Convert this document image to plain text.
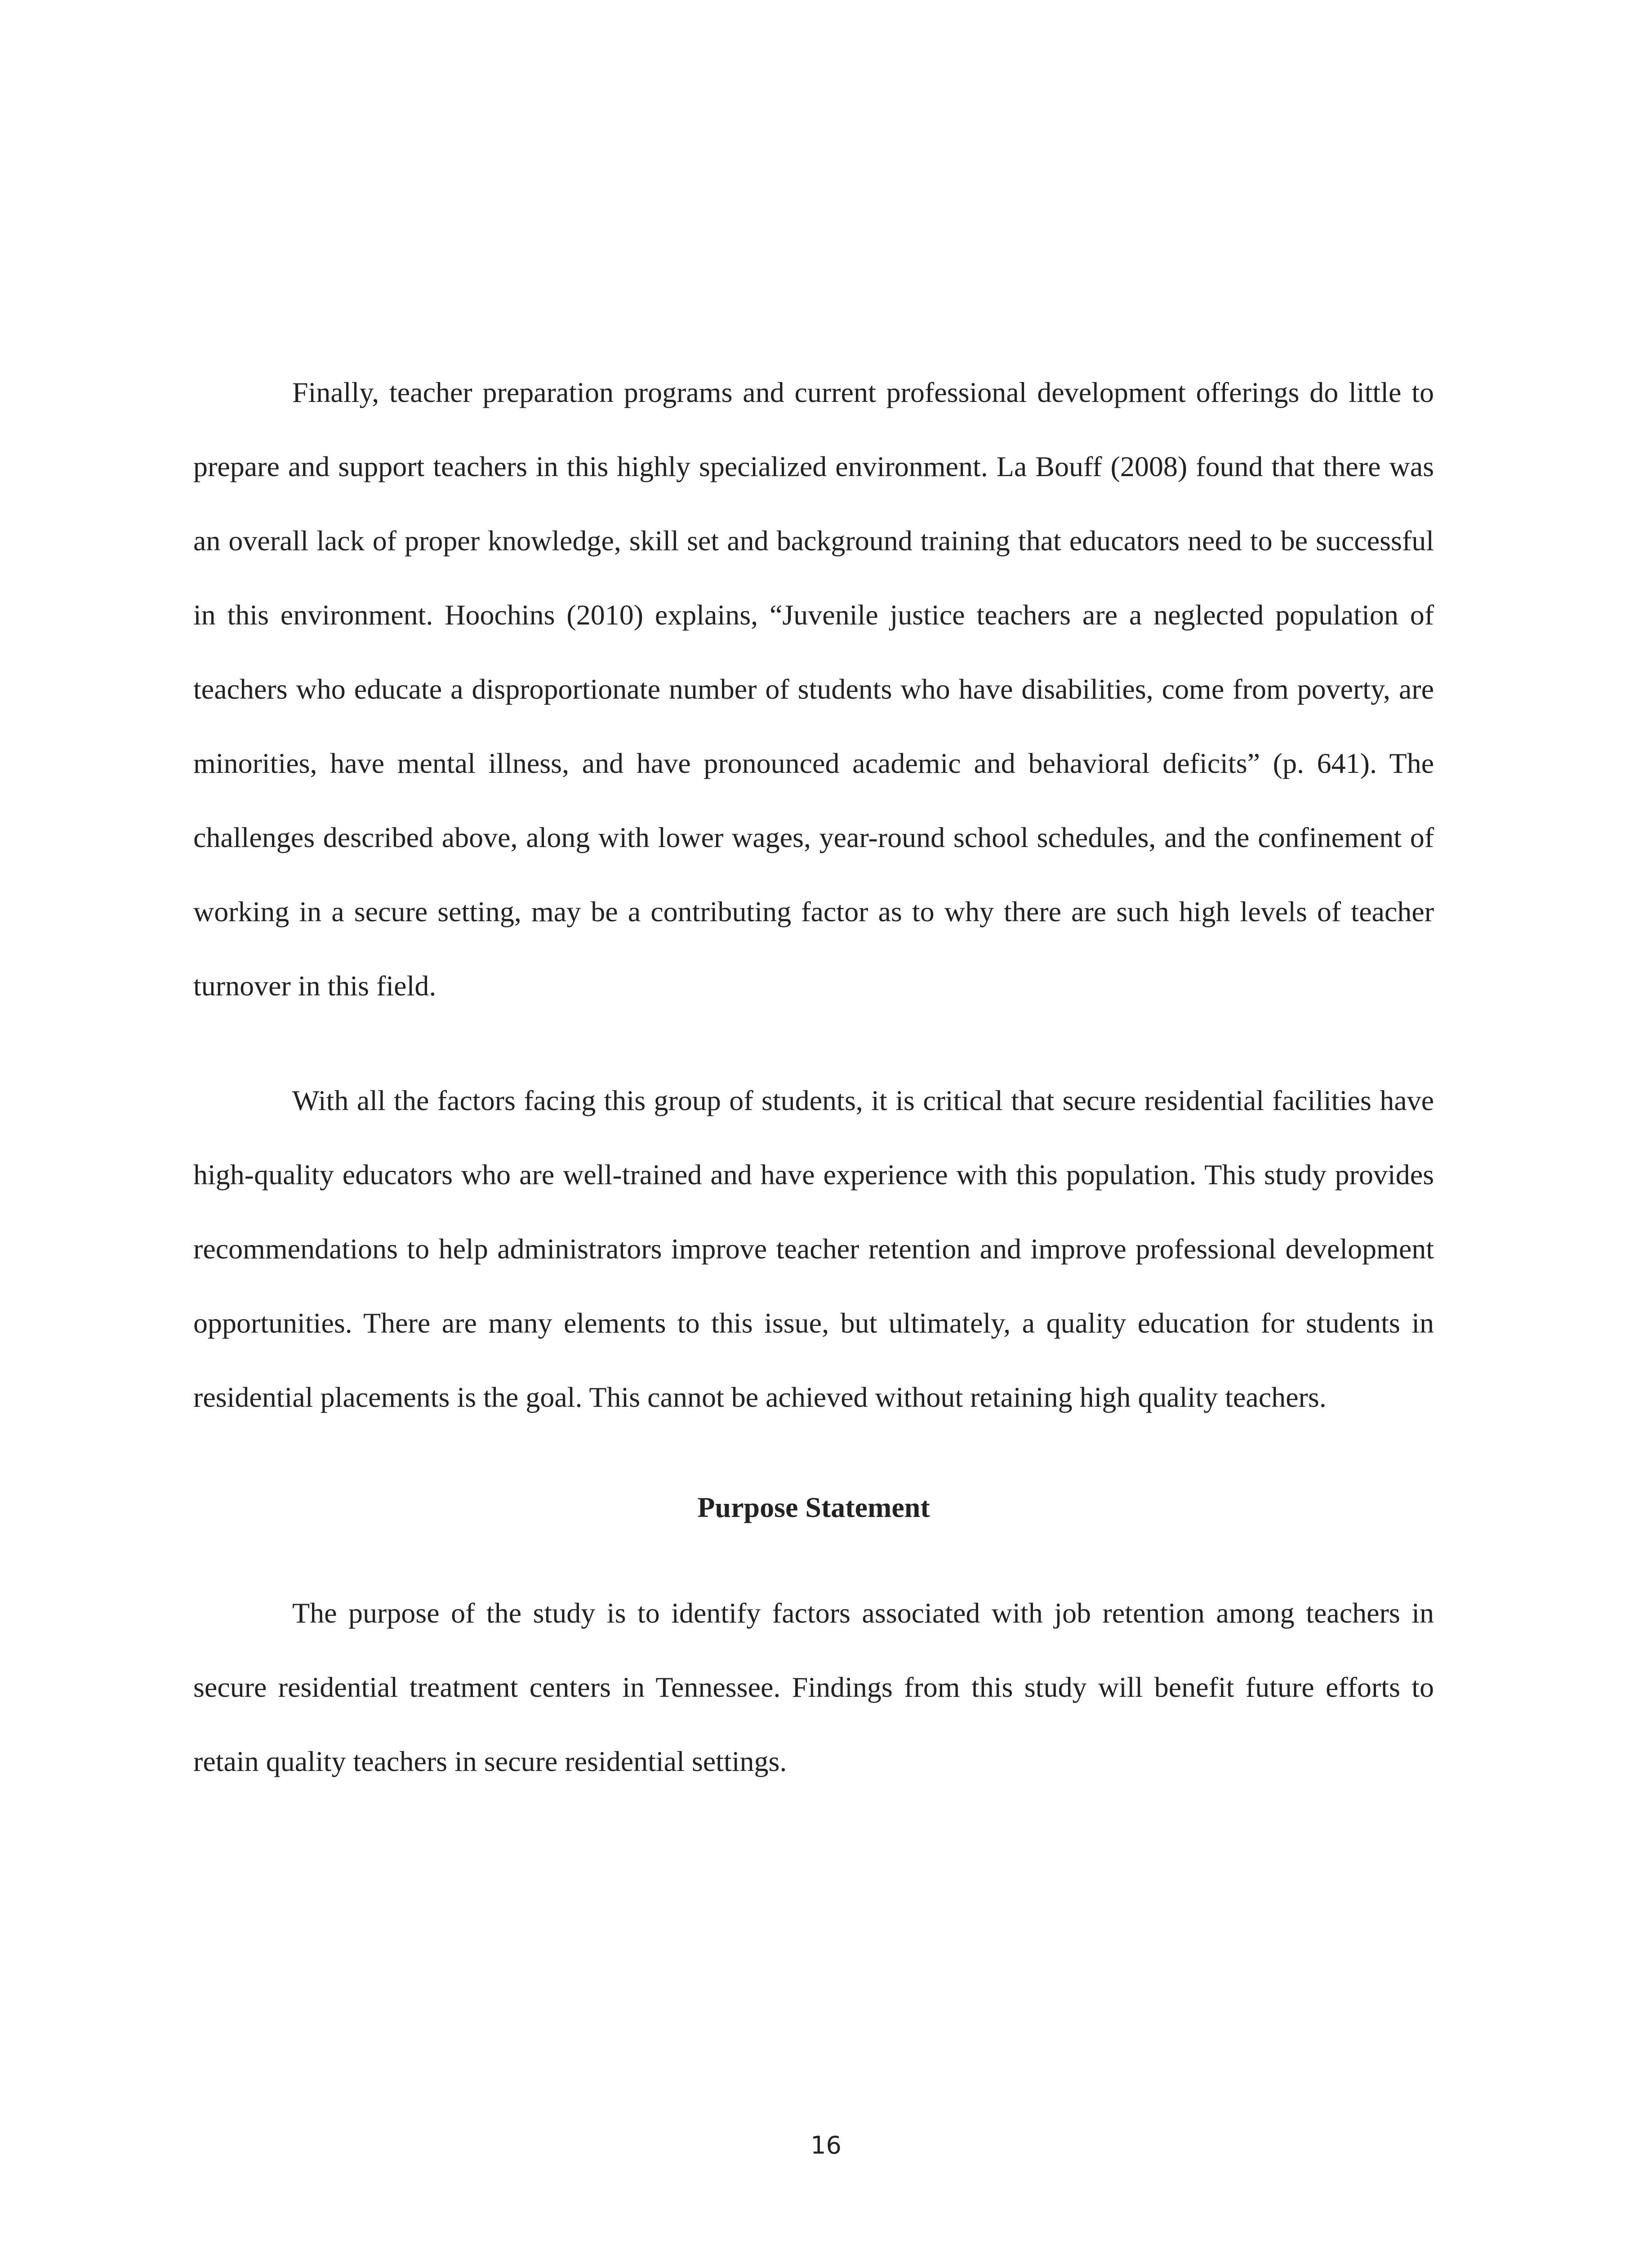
Finally, teacher preparation programs and current professional development offerings do little to prepare and support teachers in this highly specialized environment. La Bouff (2008) found that there was an overall lack of proper knowledge, skill set and background training that educators need to be successful in this environment. Hoochins (2010) explains, “Juvenile justice teachers are a neglected population of teachers who educate a disproportionate number of students who have disabilities, come from poverty, are minorities, have mental illness, and have pronounced academic and behavioral deficits” (p. 641). The challenges described above, along with lower wages, year-round school schedules, and the confinement of working in a secure setting, may be a contributing factor as to why there are such high levels of teacher turnover in this field.

With all the factors facing this group of students, it is critical that secure residential facilities have high-quality educators who are well-trained and have experience with this population. This study provides recommendations to help administrators improve teacher retention and improve professional development opportunities. There are many elements to this issue, but ultimately, a quality education for students in residential placements is the goal. This cannot be achieved without retaining high quality teachers.

Purpose Statement

The purpose of the study is to identify factors associated with job retention among teachers in secure residential treatment centers in Tennessee. Findings from this study will benefit future efforts to retain quality teachers in secure residential settings.

16
